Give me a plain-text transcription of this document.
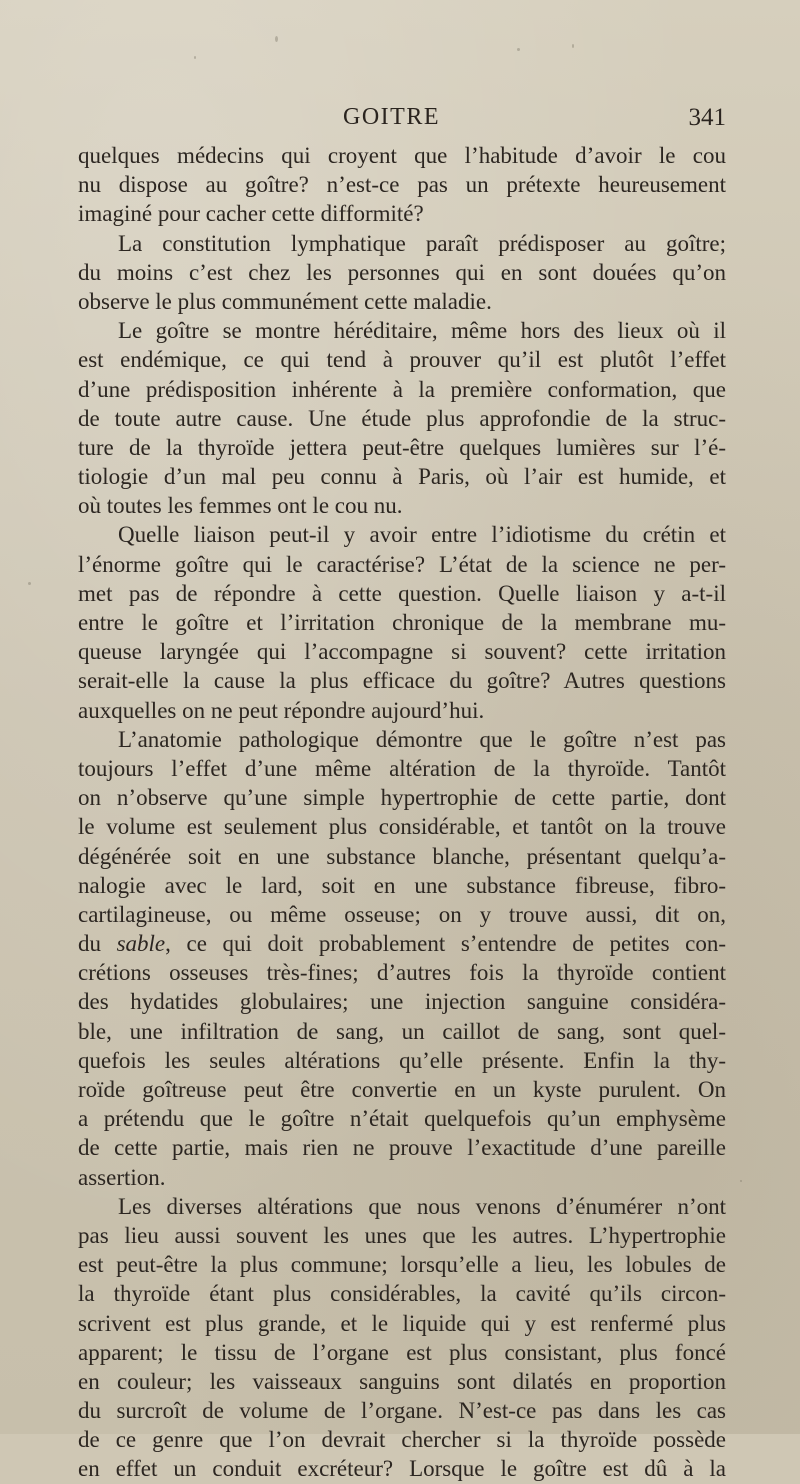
GOITRE	341
quelques médecins qui croyent que l’habitude d’avoir le cou
nu dispose au goître? n’est-ce pas un prétexte heureusement
imaginé pour cacher cette difformité?
La constitution lymphatique paraît prédisposer au goître;
du moins c’est chez les personnes qui en sont douées qu’on
observe le plus communément cette maladie.
Le goître se montre héréditaire, même hors des lieux où il
est endémique, ce qui tend à prouver qu’il est plutôt l’effet
d’une prédisposition inhérente à la première conformation, que
de toute autre cause. Une étude plus approfondie de la struc-
ture de la thyroïde jettera peut-être quelques lumières sur l’é-
tiologie d’un mal peu connu à Paris, où l’air est humide, et
où toutes les femmes ont le cou nu.
Quelle liaison peut-il y avoir entre l’idiotisme du crétin et
l’énorme goître qui le caractérise? L’état de la science ne per-
met pas de répondre à cette question. Quelle liaison y a-t-il
entre le goître et l’irritation chronique de la membrane mu-
queuse laryngée qui l’accompagne si souvent? cette irritation
serait-elle la cause la plus efficace du goître? Autres questions
auxquelles on ne peut répondre aujourd’hui.
L’anatomie pathologique démontre que le goître n’est pas
toujours l’effet d’une même altération de la thyroïde. Tantôt
on n’observe qu’une simple hypertrophie de cette partie, dont
le volume est seulement plus considérable, et tantôt on la trouve
dégénérée soit en une substance blanche, présentant quelqu’a-
nalogie avec le lard, soit en une substance fibreuse, fibro-
cartilagineuse, ou même osseuse; on y trouve aussi, dit on,
du sable, ce qui doit probablement s’entendre de petites con-
crétions osseuses très-fines; d’autres fois la thyroïde contient
des hydatides globulaires; une injection sanguine considéra-
ble, une infiltration de sang, un caillot de sang, sont quel-
quefois les seules altérations qu’elle présente. Enfin la thy-
roïde goîtreuse peut être convertie en un kyste purulent. On
a prétendu que le goître n’était quelquefois qu’un emphysème
de cette partie, mais rien ne prouve l’exactitude d’une pareille
assertion.
Les diverses altérations que nous venons d’énumérer n’ont
pas lieu aussi souvent les unes que les autres. L’hypertrophie
est peut-être la plus commune; lorsqu’elle a lieu, les lobules de
la thyroïde étant plus considérables, la cavité qu’ils circon-
scrivent est plus grande, et le liquide qui y est renfermé plus
apparent; le tissu de l’organe est plus consistant, plus foncé
en couleur; les vaisseaux sanguins sont dilatés en proportion
du surcroît de volume de l’organe. N’est-ce pas dans les cas
de ce genre que l’on devrait chercher si la thyroïde possède
en effet un conduit excréteur? Lorsque le goître est dû à la
